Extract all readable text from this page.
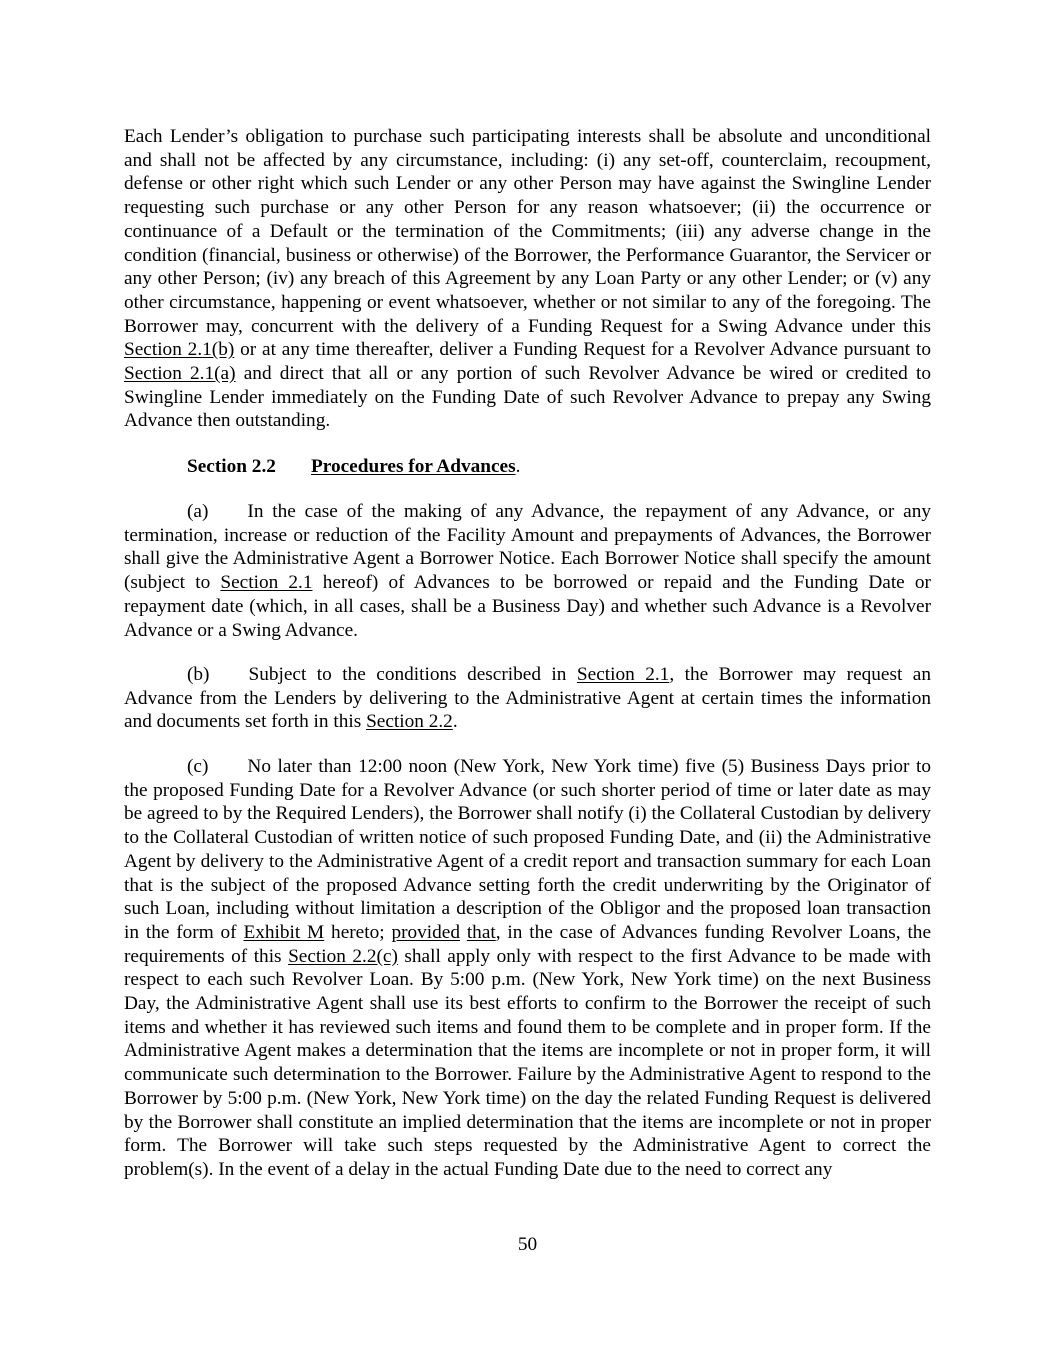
Each Lender’s obligation to purchase such participating interests shall be absolute and unconditional and shall not be affected by any circumstance, including: (i) any set-off, counterclaim, recoupment, defense or other right which such Lender or any other Person may have against the Swingline Lender requesting such purchase or any other Person for any reason whatsoever; (ii) the occurrence or continuance of a Default or the termination of the Commitments; (iii) any adverse change in the condition (financial, business or otherwise) of the Borrower, the Performance Guarantor, the Servicer or any other Person; (iv) any breach of this Agreement by any Loan Party or any other Lender; or (v) any other circumstance, happening or event whatsoever, whether or not similar to any of the foregoing. The Borrower may, concurrent with the delivery of a Funding Request for a Swing Advance under this Section 2.1(b) or at any time thereafter, deliver a Funding Request for a Revolver Advance pursuant to Section 2.1(a) and direct that all or any portion of such Revolver Advance be wired or credited to Swingline Lender immediately on the Funding Date of such Revolver Advance to prepay any Swing Advance then outstanding.

Section 2.2 Procedures for Advances.

(a) In the case of the making of any Advance, the repayment of any Advance, or any termination, increase or reduction of the Facility Amount and prepayments of Advances, the Borrower shall give the Administrative Agent a Borrower Notice. Each Borrower Notice shall specify the amount (subject to Section 2.1 hereof) of Advances to be borrowed or repaid and the Funding Date or repayment date (which, in all cases, shall be a Business Day) and whether such Advance is a Revolver Advance or a Swing Advance.

(b) Subject to the conditions described in Section 2.1, the Borrower may request an Advance from the Lenders by delivering to the Administrative Agent at certain times the information and documents set forth in this Section 2.2.

(c) No later than 12:00 noon (New York, New York time) five (5) Business Days prior to the proposed Funding Date for a Revolver Advance (or such shorter period of time or later date as may be agreed to by the Required Lenders), the Borrower shall notify (i) the Collateral Custodian by delivery to the Collateral Custodian of written notice of such proposed Funding Date, and (ii) the Administrative Agent by delivery to the Administrative Agent of a credit report and transaction summary for each Loan that is the subject of the proposed Advance setting forth the credit underwriting by the Originator of such Loan, including without limitation a description of the Obligor and the proposed loan transaction in the form of Exhibit M hereto; provided that, in the case of Advances funding Revolver Loans, the requirements of this Section 2.2(c) shall apply only with respect to the first Advance to be made with respect to each such Revolver Loan. By 5:00 p.m. (New York, New York time) on the next Business Day, the Administrative Agent shall use its best efforts to confirm to the Borrower the receipt of such items and whether it has reviewed such items and found them to be complete and in proper form. If the Administrative Agent makes a determination that the items are incomplete or not in proper form, it will communicate such determination to the Borrower. Failure by the Administrative Agent to respond to the Borrower by 5:00 p.m. (New York, New York time) on the day the related Funding Request is delivered by the Borrower shall constitute an implied determination that the items are incomplete or not in proper form. The Borrower will take such steps requested by the Administrative Agent to correct the problem(s). In the event of a delay in the actual Funding Date due to the need to correct any

50
